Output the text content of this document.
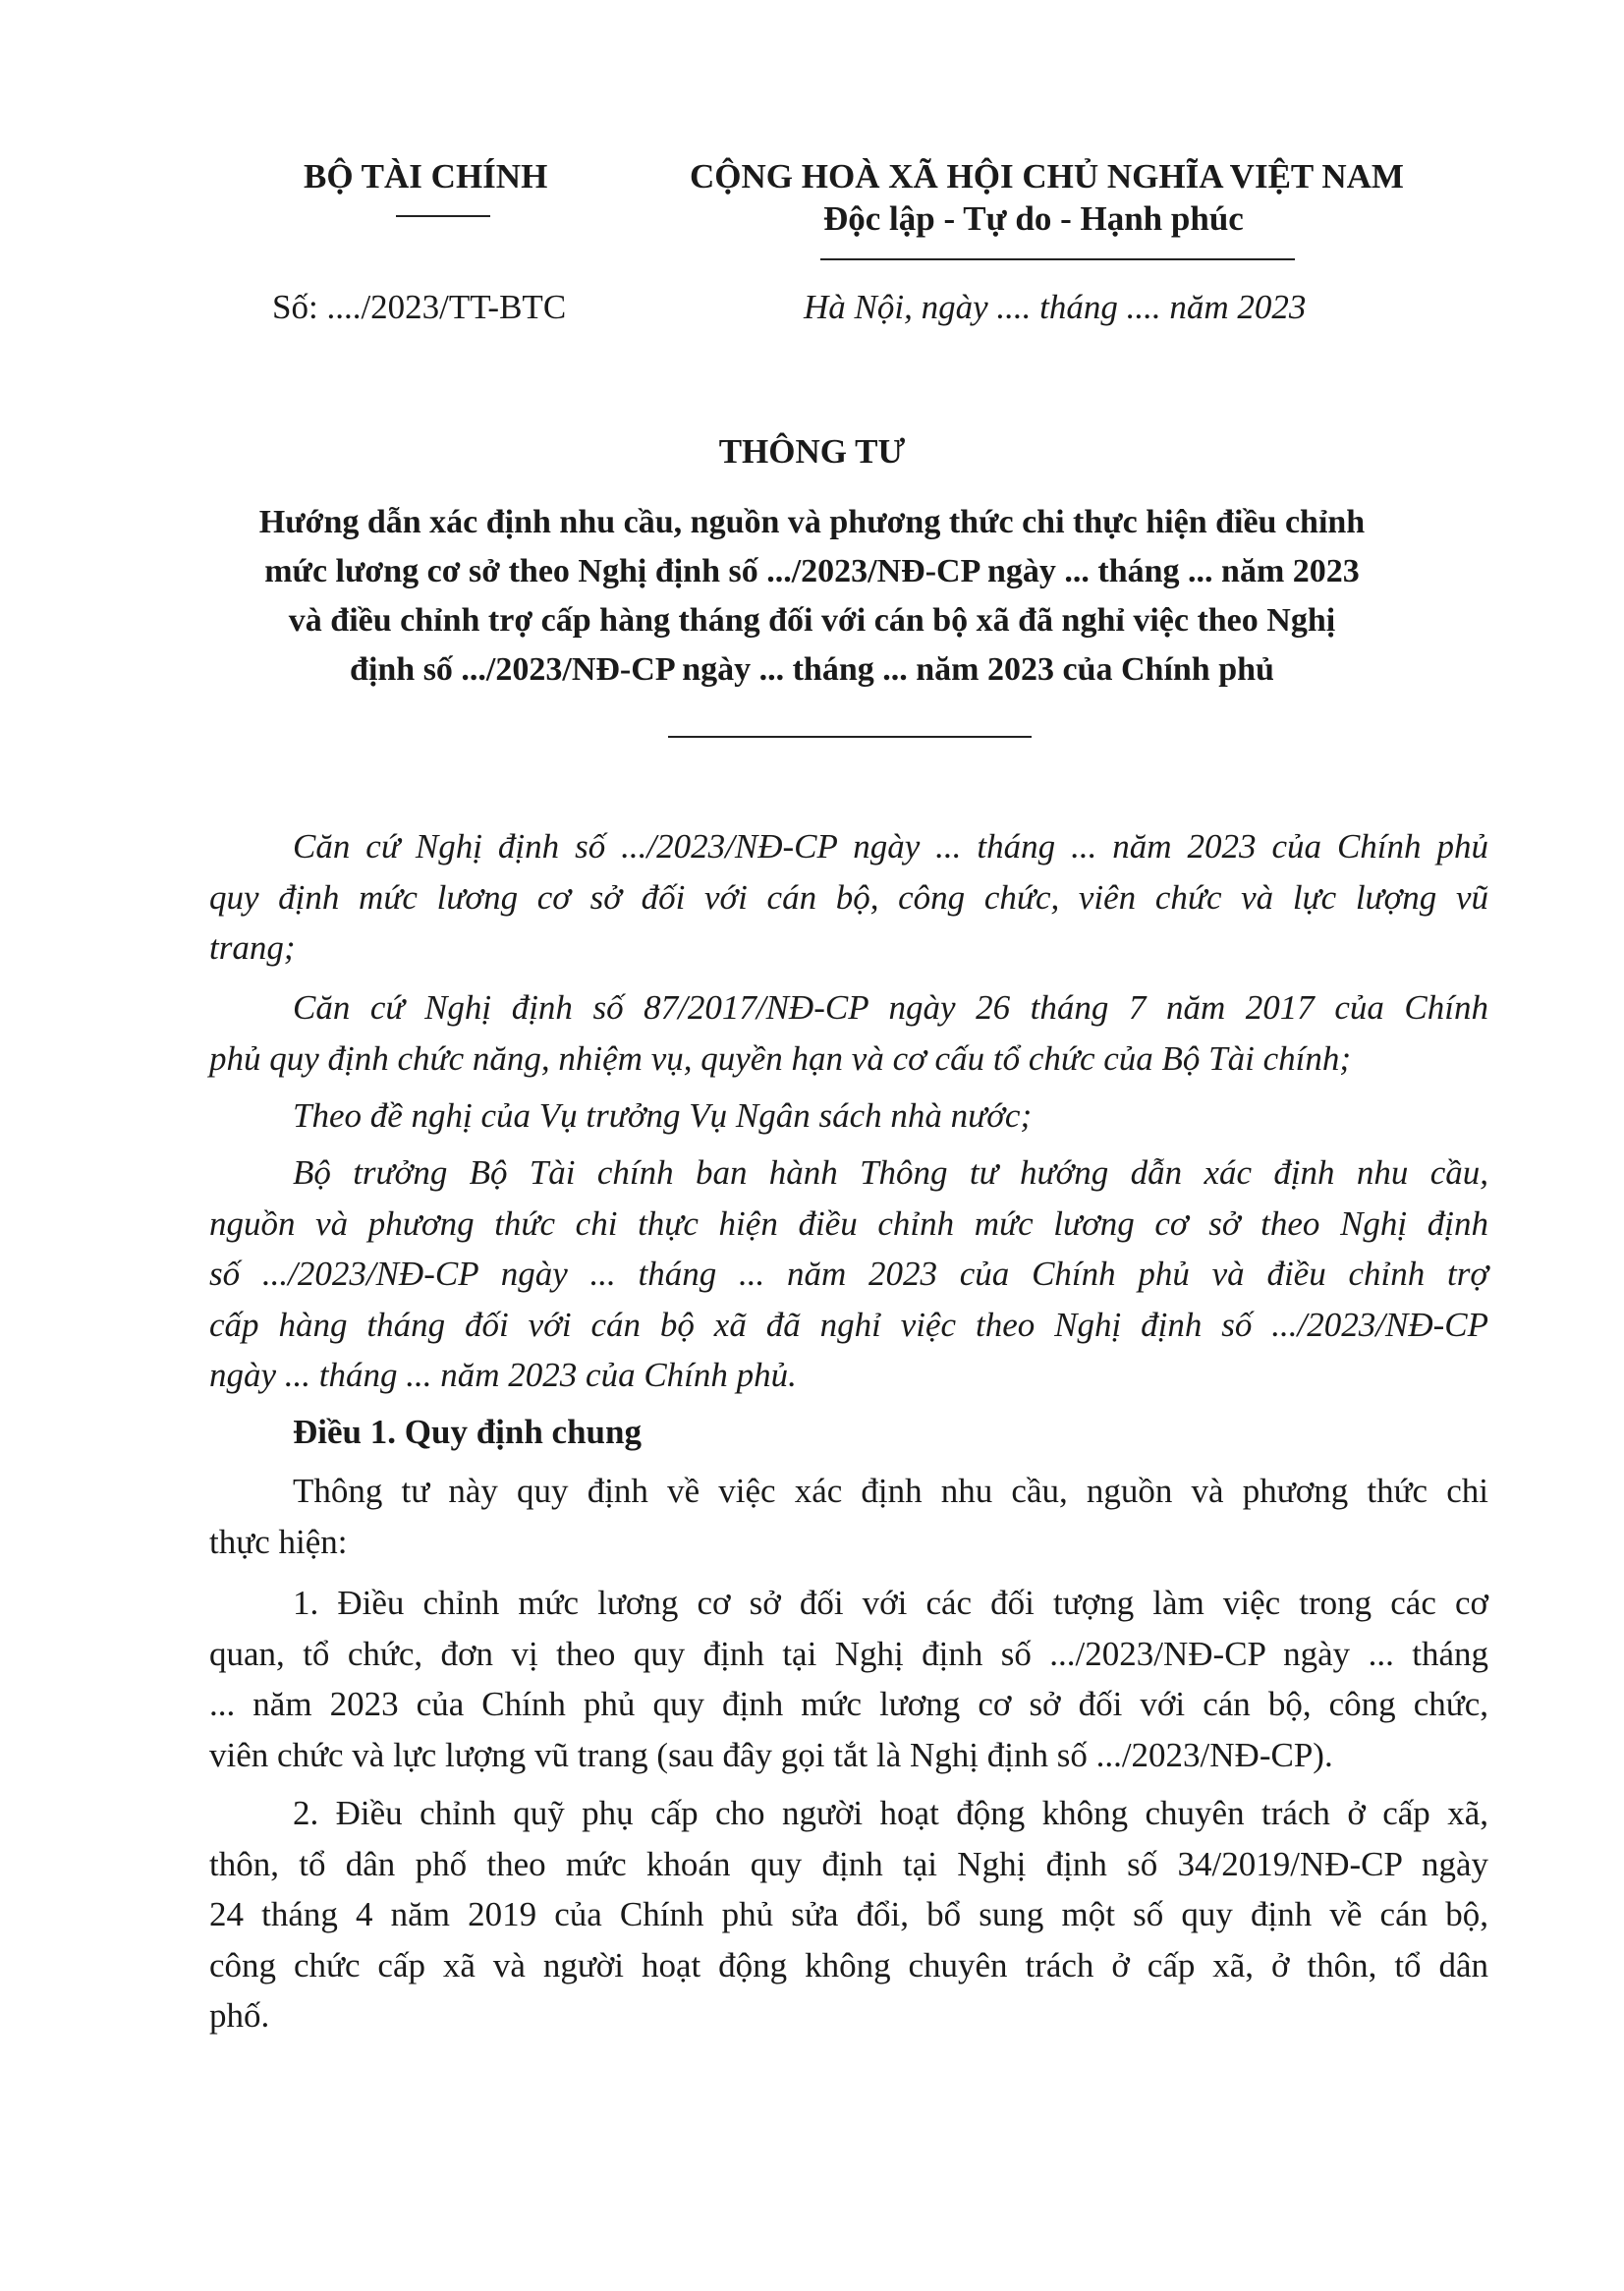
BỘ TÀI CHÍNH
Số: ..../2023/TT-BTC
CỘNG HOÀ XÃ HỘI CHỦ NGHĨA VIỆT NAM
Độc lập - Tự do - Hạnh phúc
Hà Nội, ngày .... tháng .... năm 2023
THÔNG TƯ
Hướng dẫn xác định nhu cầu, nguồn và phương thức chi thực hiện điều chỉnh
mức lương cơ sở theo Nghị định số .../2023/NĐ-CP ngày ... tháng ... năm 2023
và điều chỉnh trợ cấp hàng tháng đối với cán bộ xã đã nghỉ việc theo Nghị
định số .../2023/NĐ-CP ngày ... tháng ... năm 2023 của Chính phủ
Căn cứ Nghị định số .../2023/NĐ-CP ngày ... tháng ... năm 2023 của Chính phủ
quy định mức lương cơ sở đối với cán bộ, công chức, viên chức và lực lượng vũ
trang;
Căn cứ Nghị định số 87/2017/NĐ-CP ngày 26 tháng 7 năm 2017 của Chính
phủ quy định chức năng, nhiệm vụ, quyền hạn và cơ cấu tổ chức của Bộ Tài chính;
Theo đề nghị của Vụ trưởng Vụ Ngân sách nhà nước;
Bộ trưởng Bộ Tài chính ban hành Thông tư hướng dẫn xác định nhu cầu,
nguồn và phương thức chi thực hiện điều chỉnh mức lương cơ sở theo Nghị định
số .../2023/NĐ-CP ngày ... tháng ... năm 2023 của Chính phủ và điều chỉnh trợ
cấp hàng tháng đối với cán bộ xã đã nghỉ việc theo Nghị định số .../2023/NĐ-CP
ngày ... tháng ... năm 2023 của Chính phủ.
Điều 1. Quy định chung
Thông tư này quy định về việc xác định nhu cầu, nguồn và phương thức chi
thực hiện:
1. Điều chỉnh mức lương cơ sở đối với các đối tượng làm việc trong các cơ
quan, tổ chức, đơn vị theo quy định tại Nghị định số .../2023/NĐ-CP ngày ... tháng
... năm 2023 của Chính phủ quy định mức lương cơ sở đối với cán bộ, công chức,
viên chức và lực lượng vũ trang (sau đây gọi tắt là Nghị định số .../2023/NĐ-CP).
2. Điều chỉnh quỹ phụ cấp cho người hoạt động không chuyên trách ở cấp xã,
thôn, tổ dân phố theo mức khoán quy định tại Nghị định số 34/2019/NĐ-CP ngày
24 tháng 4 năm 2019 của Chính phủ sửa đổi, bổ sung một số quy định về cán bộ,
công chức cấp xã và người hoạt động không chuyên trách ở cấp xã, ở thôn, tổ dân
phố.
